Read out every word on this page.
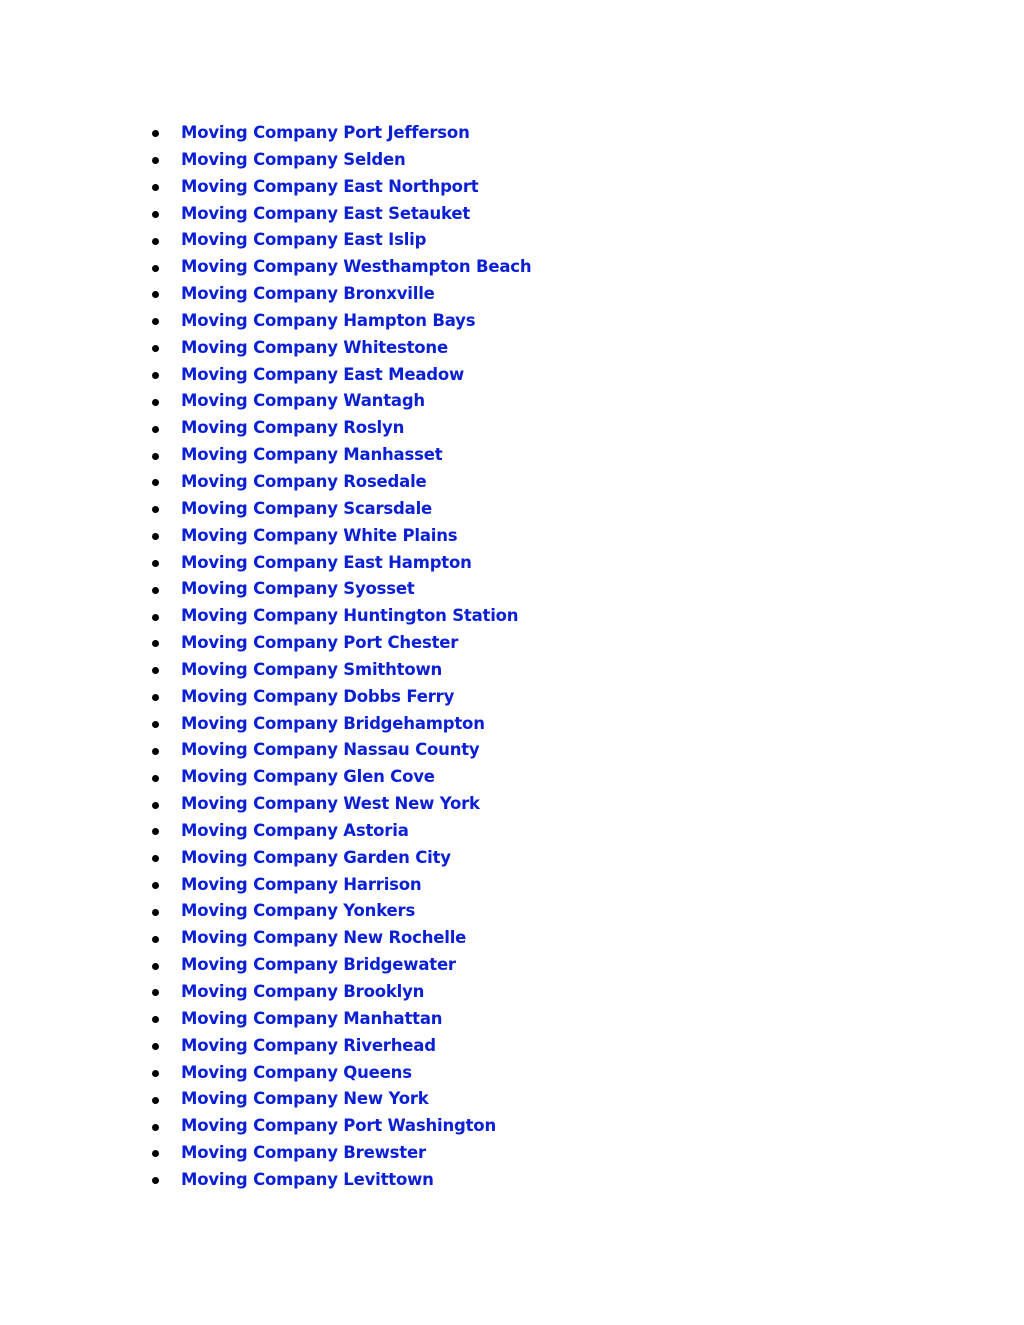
Moving Company Port Jefferson
Moving Company Selden
Moving Company East Northport
Moving Company East Setauket
Moving Company East Islip
Moving Company Westhampton Beach
Moving Company Bronxville
Moving Company Hampton Bays
Moving Company Whitestone
Moving Company East Meadow
Moving Company Wantagh
Moving Company Roslyn
Moving Company Manhasset
Moving Company Rosedale
Moving Company Scarsdale
Moving Company White Plains
Moving Company East Hampton
Moving Company Syosset
Moving Company Huntington Station
Moving Company Port Chester
Moving Company Smithtown
Moving Company Dobbs Ferry
Moving Company Bridgehampton
Moving Company Nassau County
Moving Company Glen Cove
Moving Company West New York
Moving Company Astoria
Moving Company Garden City
Moving Company Harrison
Moving Company Yonkers
Moving Company New Rochelle
Moving Company Bridgewater
Moving Company Brooklyn
Moving Company Manhattan
Moving Company Riverhead
Moving Company Queens
Moving Company New York
Moving Company Port Washington
Moving Company Brewster
Moving Company Levittown
